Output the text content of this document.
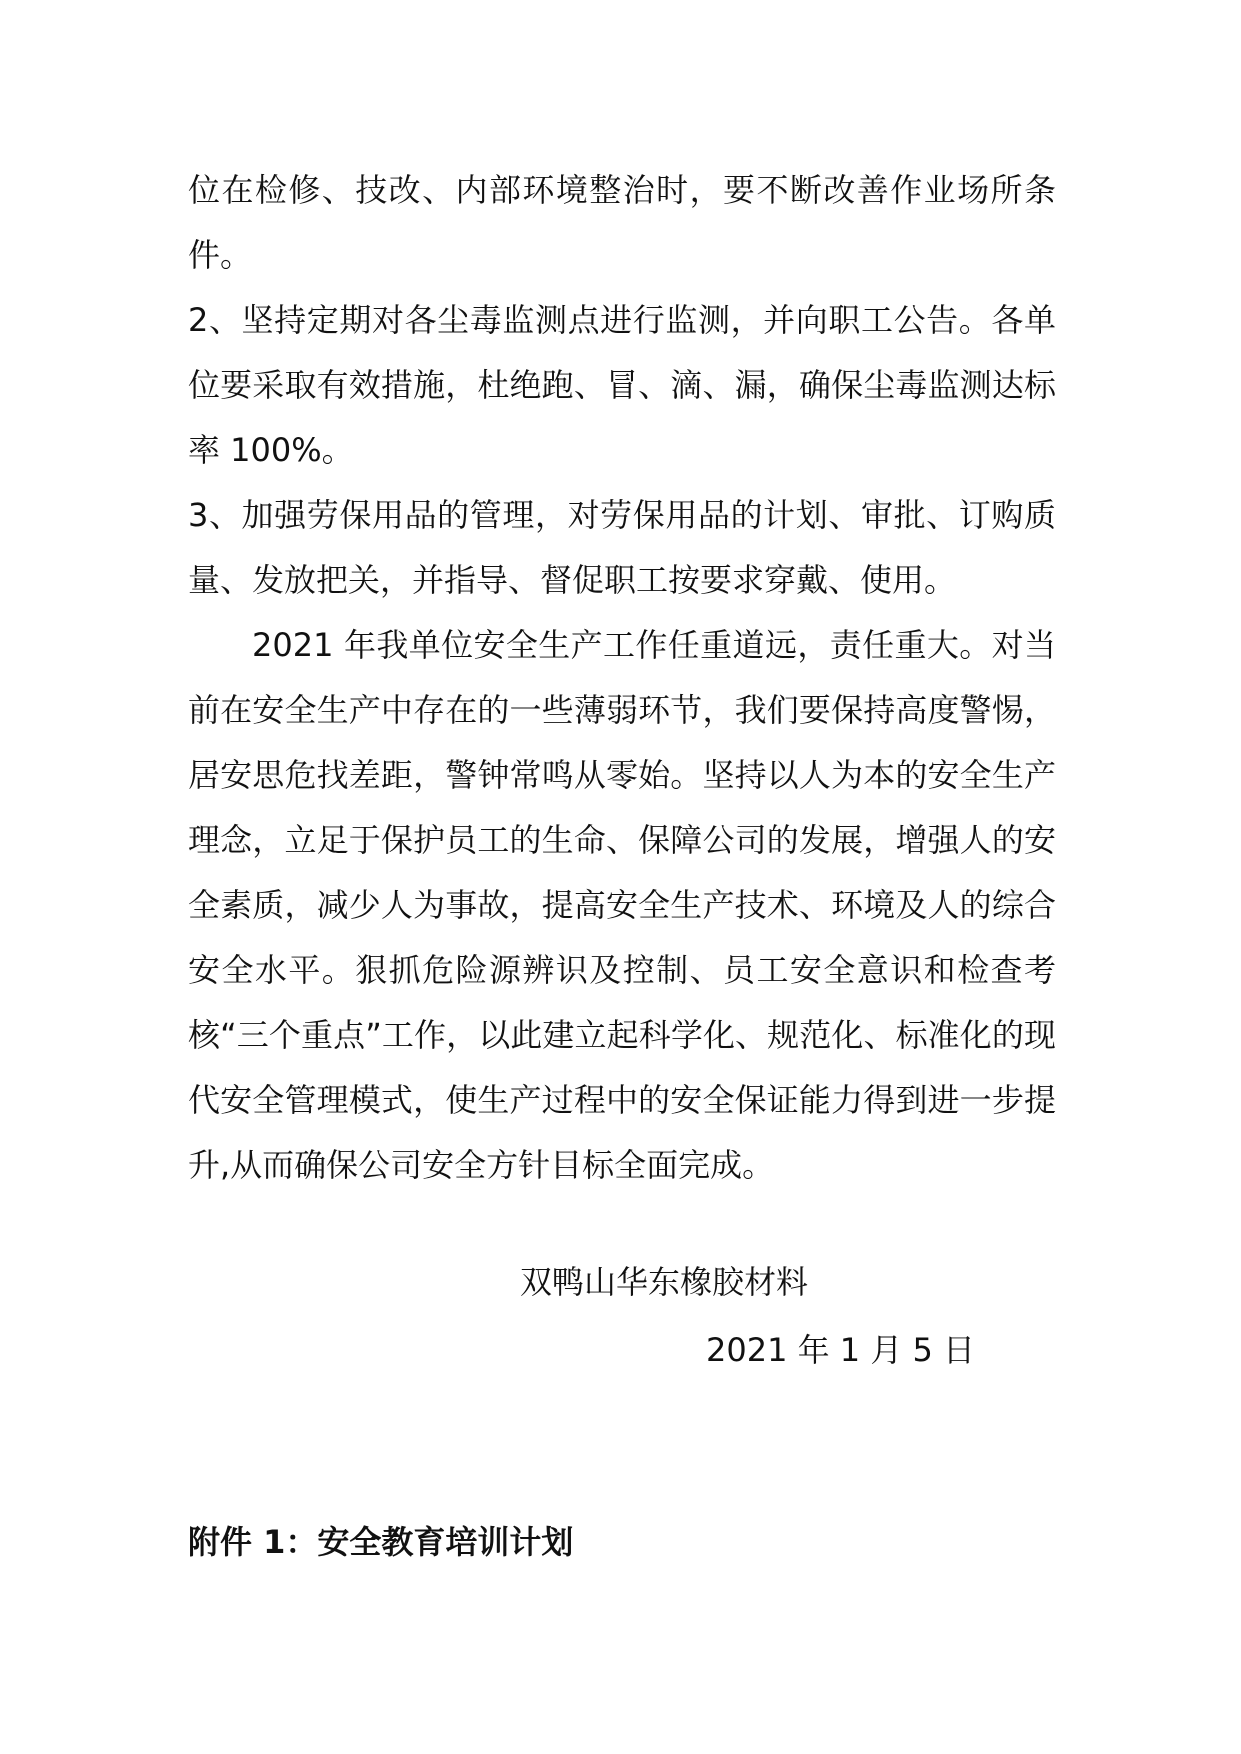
位在检修、技改、内部环境整治时，要不断改善作业场所条件。

2、坚持定期对各尘毒监测点进行监测，并向职工公告。各单位要采取有效措施，杜绝跑、冒、滴、漏，确保尘毒监测达标率 100%。

3、加强劳保用品的管理，对劳保用品的计划、审批、订购质量、发放把关，并指导、督促职工按要求穿戴、使用。

2021 年我单位安全生产工作任重道远，责任重大。对当前在安全生产中存在的一些薄弱环节，我们要保持高度警惕，居安思危找差距，警钟常鸣从零始。坚持以人为本的安全生产理念，立足于保护员工的生命、保障公司的发展，增强人的安全素质，减少人为事故，提高安全生产技术、环境及人的综合安全水平。狠抓危险源辨识及控制、员工安全意识和检查考核“三个重点”工作，以此建立起科学化、规范化、标准化的现代安全管理模式，使生产过程中的安全保证能力得到进一步提升,从而确保公司安全方针目标全面完成。

双鸭山华东橡胶材料
2021 年 1 月 5 日
附件 1：安全教育培训计划
